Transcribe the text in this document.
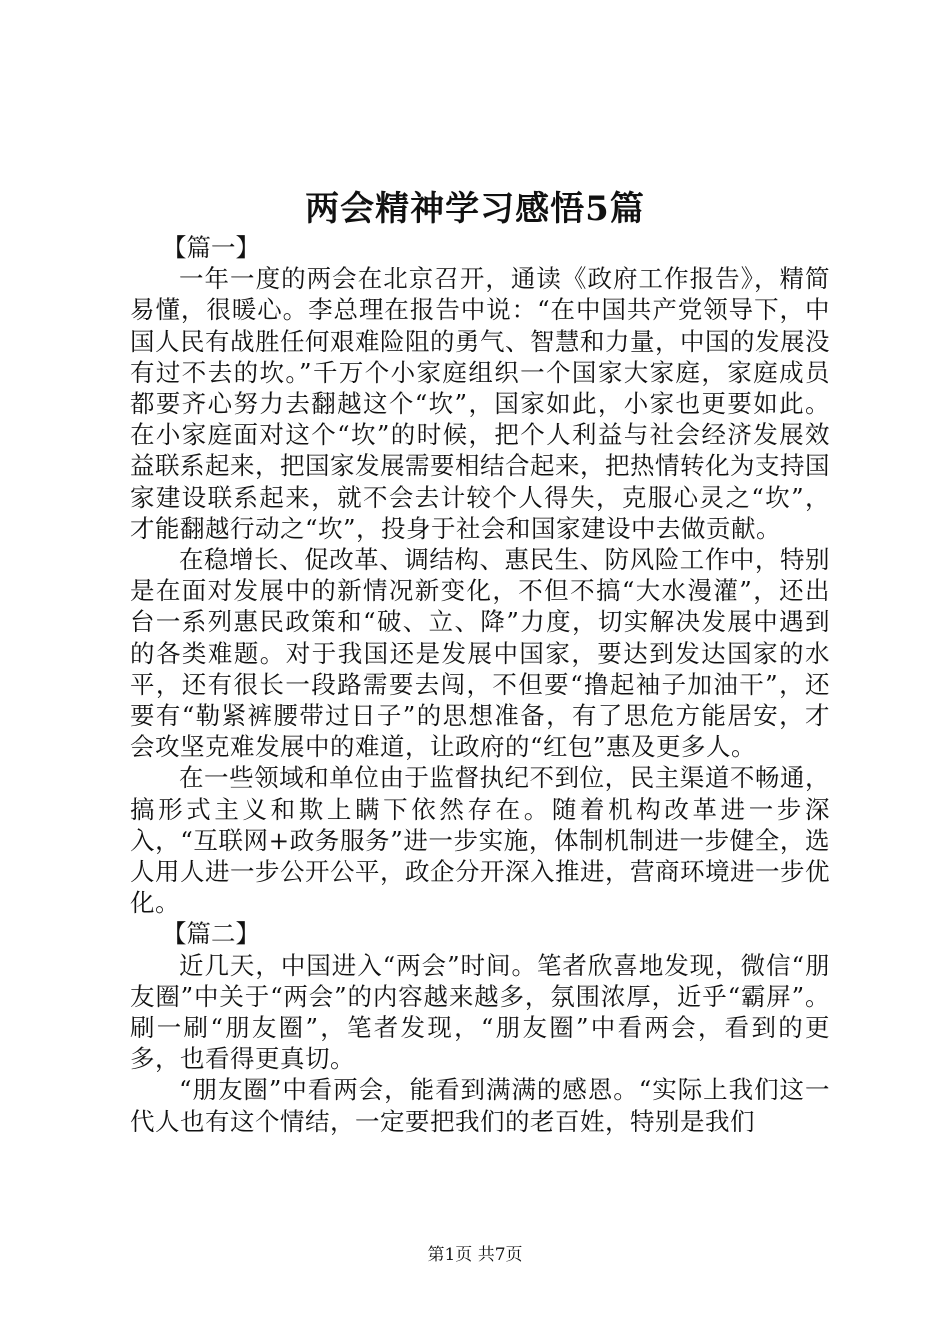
两会精神学习感悟5篇
【篇一】

一年一度的两会在北京召开，通读《政府工作报告》，精简易懂，很暖心。李总理在报告中说：“在中国共产党领导下，中国人民有战胜任何艰难险阻的勇气、智慧和力量，中国的发展没有过不去的坎。”千万个小家庭组织一个国家大家庭，家庭成员都要齐心努力去翻越这个“坎”，国家如此，小家也更要如此。在小家庭面对这个“坎”的时候，把个人利益与社会经济发展效益联系起来，把国家发展需要相结合起来，把热情转化为支持国家建设联系起来，就不会去计较个人得失，克服心灵之“坎”，才能翻越行动之“坎”，投身于社会和国家建设中去做贡献。

在稳增长、促改革、调结构、惠民生、防风险工作中，特别是在面对发展中的新情况新变化，不但不搞“大水漫灌”，还出台一系列惠民政策和“破、立、降”力度，切实解决发展中遇到的各类难题。对于我国还是发展中国家，要达到发达国家的水平，还有很长一段路需要去闯，不但要“撸起袖子加油干”，还要有“勒紧裤腰带过日子”的思想准备，有了思危方能居安，才会攻坚克难发展中的难道，让政府的“红包”惠及更多人。

在一些领域和单位由于监督执纪不到位，民主渠道不畅通，搞形式主义和欺上瞒下依然存在。随着机构改革进一步深入，“互联网+政务服务”进一步实施，体制机制进一步健全，选人用人进一步公开公平，政企分开深入推进，营商环境进一步优化。

【篇二】

近几天，中国进入“两会”时间。笔者欣喜地发现，微信“朋友圈”中关于“两会”的内容越来越多，氛围浓厚，近乎“霸屏”。刷一刷“朋友圈”，笔者发现，“朋友圈”中看两会，看到的更多，也看得更真切。

“朋友圈”中看两会，能看到满满的感恩。“实际上我们这一代人也有这个情结，一定要把我们的老百姓，特别是我们

第1页 共7页
